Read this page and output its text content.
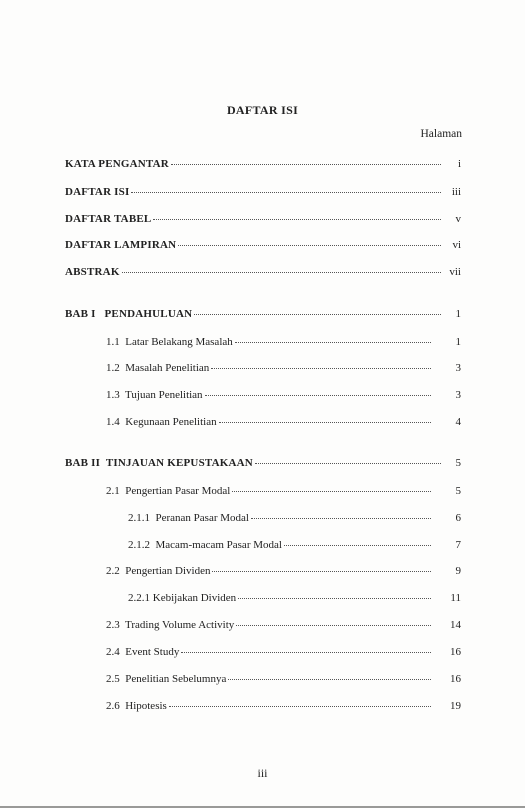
DAFTAR ISI
Halaman
KATA PENGANTAR	i
DAFTAR ISI	iii
DAFTAR TABEL	v
DAFTAR LAMPIRAN	vi
ABSTRAK	vii
BAB I   PENDAHULUAN	1
1.1  Latar Belakang Masalah	1
1.2  Masalah Penelitian	3
1.3  Tujuan Penelitian	3
1.4  Kegunaan Penelitian	4
BAB II  TINJAUAN KEPUSTAKAAN	5
2.1  Pengertian Pasar Modal	5
2.1.1  Peranan Pasar Modal	6
2.1.2  Macam-macam Pasar Modal	7
2.2  Pengertian Dividen	9
2.2.1 Kebijakan Dividen	11
2.3  Trading Volume Activity	14
2.4  Event Study	16
2.5  Penelitian Sebelumnya	16
2.6  Hipotesis	19
iii
